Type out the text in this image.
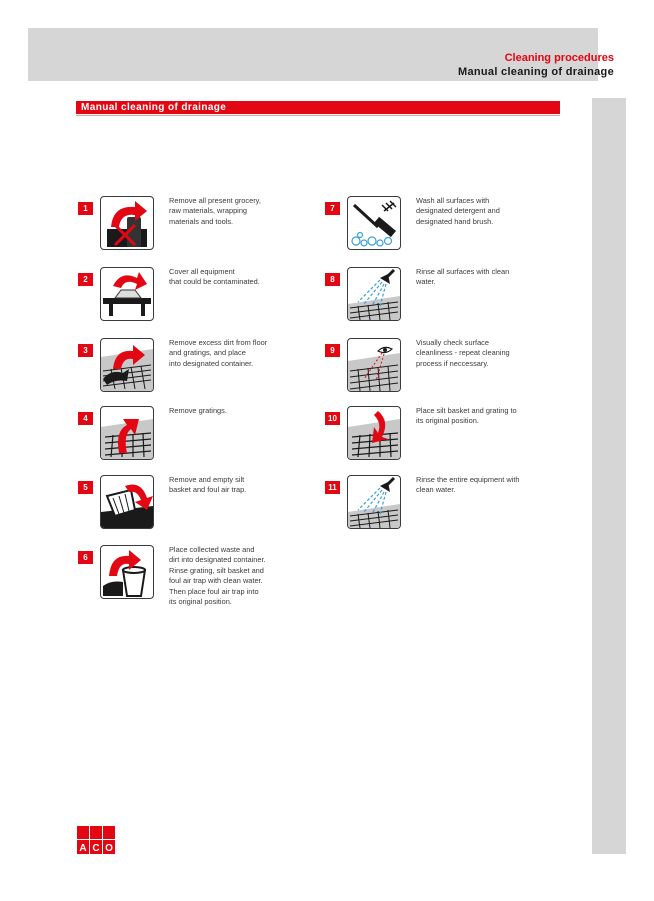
Cleaning procedures
Manual cleaning of drainage
Manual cleaning of drainage
1
Remove all present grocery,
raw materials, wrapping
materials and tools.
2
Cover all equipment
that could be contaminated.
3
Remove excess dirt from floor
and gratings, and place
into designated container.
4
Remove gratings.
5
Remove and empty silt
basket and foul air trap.
6
Place collected waste and
dirt into designated container.
Rinse grating, silt basket and
foul air trap with clean water.
Then place foul air trap into
its original position.
7
Wash all surfaces with
designated detergent and
designated hand brush.
8
Rinse all surfaces with clean
water.
9
Visually check surface
cleanliness - repeat cleaning
process if neccessary.
10
Place silt basket and grating to
its original position.
11
Rinse the entire equipment with
clean water.
A C O
